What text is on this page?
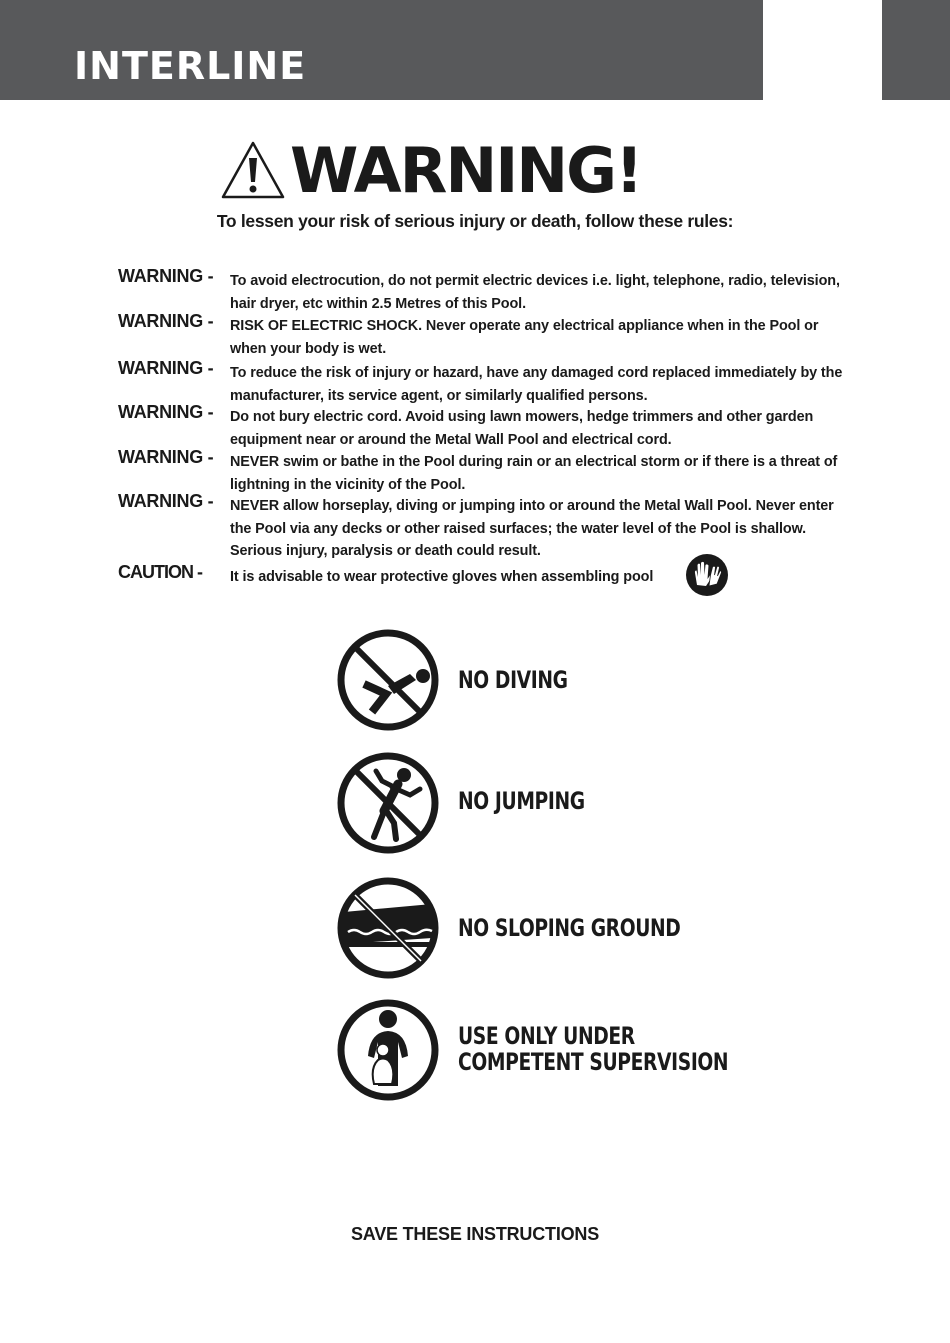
INTERLINE
WARNING!
To lessen your risk of serious injury or death, follow these rules:
WARNING - To avoid electrocution, do not permit electric devices i.e. light, telephone, radio, television, hair dryer, etc within 2.5 Metres of this Pool.
WARNING - RISK OF ELECTRIC SHOCK. Never operate any electrical appliance when in the Pool or when your body is wet.
WARNING - To reduce the risk of injury or hazard, have any damaged cord replaced immediately by the manufacturer, its service agent, or similarly qualified persons.
WARNING - Do not bury electric cord. Avoid using lawn mowers, hedge trimmers and other garden equipment near or around the Metal Wall Pool and electrical cord.
WARNING - NEVER swim or bathe in the Pool during rain or an electrical storm or if there is a threat of lightning in the vicinity of the Pool.
WARNING - NEVER allow horseplay, diving or jumping into or around the Metal Wall Pool. Never enter the Pool via any decks or other raised surfaces; the water level of the Pool is shallow. Serious injury, paralysis or death could result.
CAUTION - It is advisable to wear protective gloves when assembling pool
NO DIVING
NO JUMPING
NO SLOPING GROUND
USE ONLY UNDER
COMPETENT SUPERVISION
SAVE THESE INSTRUCTIONS
